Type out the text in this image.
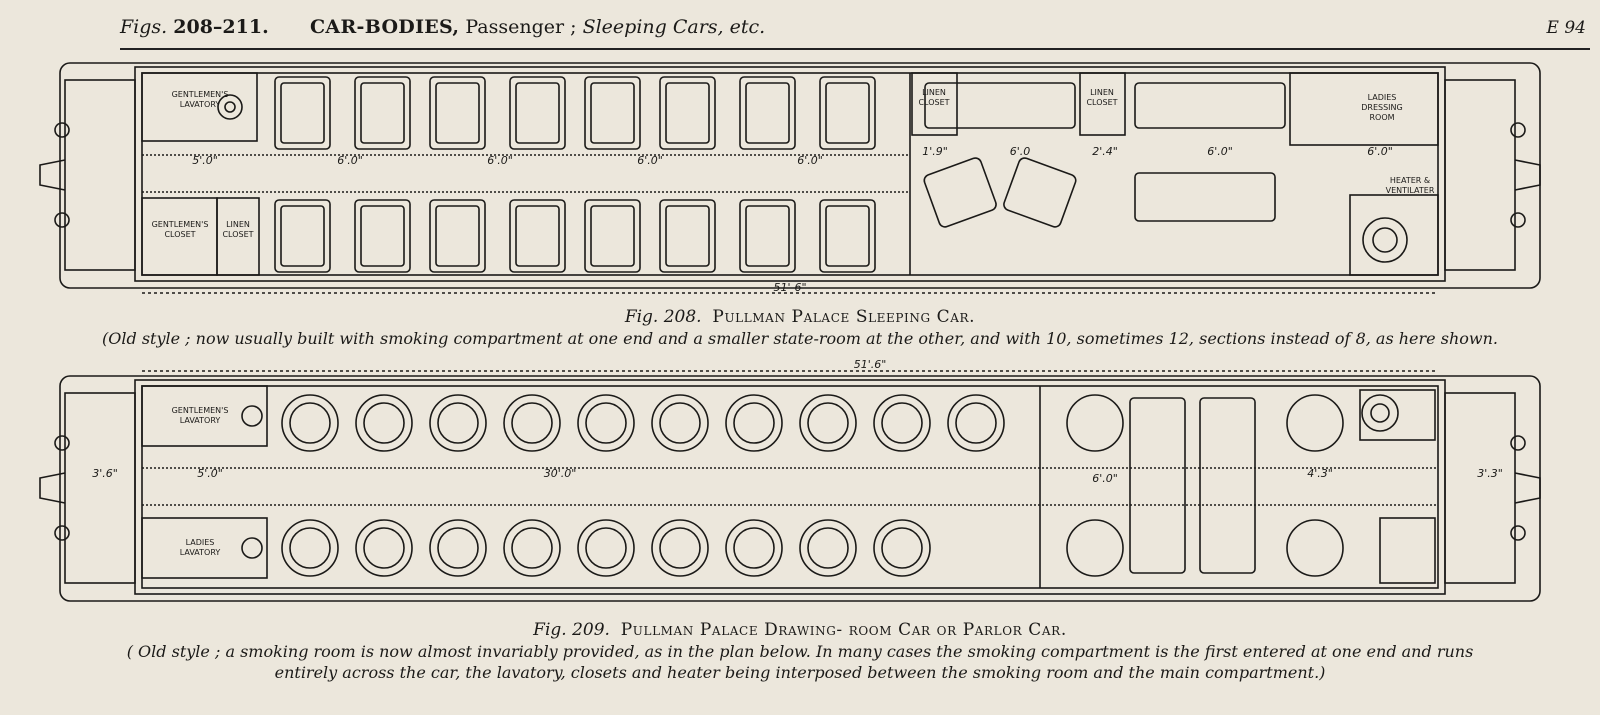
Figs. 208–211. CAR-BODIES, Passenger ; Sleeping Cars, etc.	E 94
GENTLEMEN'S
LAVATORY
GENTLEMEN'S
CLOSET
LINEN
CLOSET
LINEN
CLOSET
LINEN
CLOSET
LADIES
DRESSING
ROOM
HEATER &
VENTILATER
5'.0"	6'.0"	6'.0"	6'.0"	6'.0"
1'.9"	6'.0	2'.4"	6'.0"	6'.0"
51'-6"
Fig. 208. Pullman Palace Sleeping Car.
(Old style ; now usually built with smoking compartment at one end and a smaller state-room at the other, and with 10, sometimes 12, sections instead of 8, as here shown.
GENTLEMEN'S
LAVATORY
LADIES
LAVATORY
3'.6"	5'.0"	30'.0"	6'.0"	4'.3"	3'.3"
51'.6"
Fig. 209. Pullman Palace Drawing- room Car or Parlor Car.
( Old style ; a smoking room is now almost invariably provided, as in the plan below. In many cases the smoking compartment is the first entered at one end and runs
entirely across the car, the lavatory, closets and heater being interposed between the smoking room and the main compartment.)
